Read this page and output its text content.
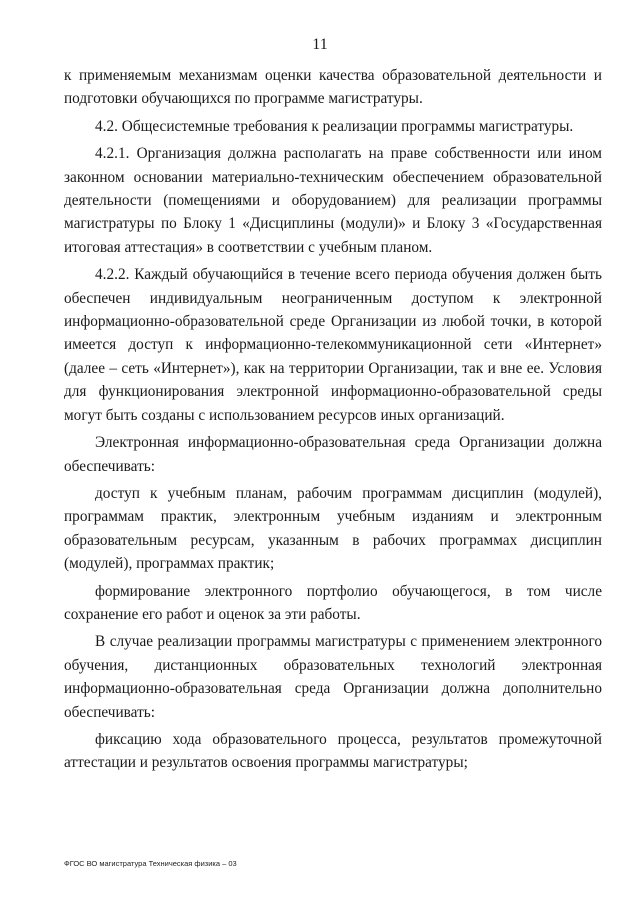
11

к применяемым механизмам оценки качества образовательной деятельности и подготовки обучающихся по программе магистратуры.

4.2. Общесистемные требования к реализации программы магистратуры.

4.2.1. Организация должна располагать на праве собственности или ином законном основании материально-техническим обеспечением образовательной деятельности (помещениями и оборудованием) для реализации программы магистратуры по Блоку 1 «Дисциплины (модули)» и Блоку 3 «Государственная итоговая аттестация» в соответствии с учебным планом.

4.2.2. Каждый обучающийся в течение всего периода обучения должен быть обеспечен индивидуальным неограниченным доступом к электронной информационно-образовательной среде Организации из любой точки, в которой имеется доступ к информационно-телекоммуникационной сети «Интернет» (далее – сеть «Интернет»), как на территории Организации, так и вне ее. Условия для функционирования электронной информационно-образовательной среды могут быть созданы с использованием ресурсов иных организаций.

Электронная информационно-образовательная среда Организации должна обеспечивать:

доступ к учебным планам, рабочим программам дисциплин (модулей), программам практик, электронным учебным изданиям и электронным образовательным ресурсам, указанным в рабочих программах дисциплин (модулей), программах практик;

формирование электронного портфолио обучающегося, в том числе сохранение его работ и оценок за эти работы.

В случае реализации программы магистратуры с применением электронного обучения, дистанционных образовательных технологий электронная информационно-образовательная среда Организации должна дополнительно обеспечивать:

фиксацию хода образовательного процесса, результатов промежуточной аттестации и результатов освоения программы магистратуры;

ФГОС ВО магистратура Техническая физика – 03
